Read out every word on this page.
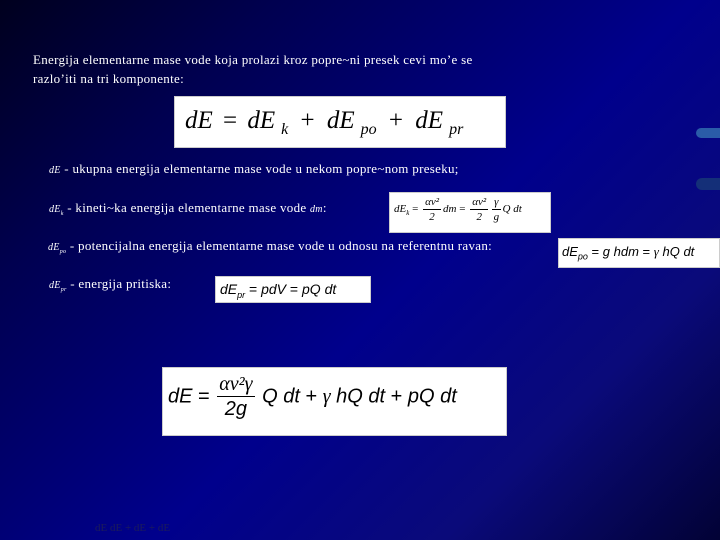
Energija elementarne mase vode koja prolazi kroz popre~ni presek cevi mo’e se
razlo’iti na tri komponente:
dE = dE $_k$ + dE $_{po}$ + dE $_{pr}$
dE - ukupna energija elementarne mase vode u nekom popre~nom preseku;
$dE_k$ - kineti~ka energija elementarne mase vode dm:	$dE_k = \frac{\text{αv²}}{2}$ dm = $\frac{\text{αv²}}{2} \frac{\gamma}{g}$ Q dt
$dE_{po}$ - potencijalna energija elementarne mase vode u odnosu na referentnu ravan:	$dE_{po} = g$ hdm = γ hQ dt
$dE_{pr}$ - energija pritiska:	$dE_{pr}$ = pdV = pQ dt
dE = $\frac{\text{αv²γ}}{2g}$ Q dt + γ hQ dt + pQ dt
dE dE + dE + dE
